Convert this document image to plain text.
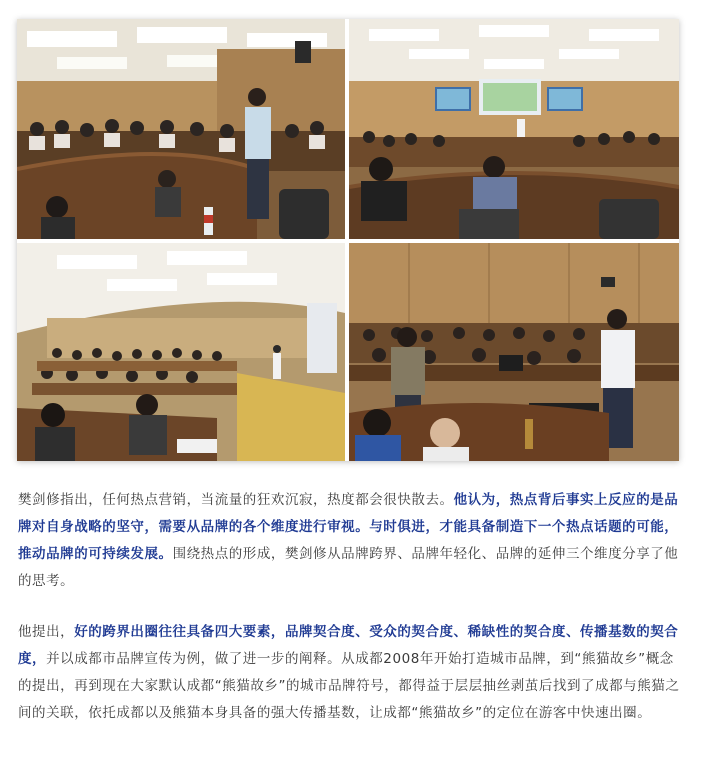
樊剑修指出，任何热点营销，当流量的狂欢沉寂，热度都会很快散去。他认为，热点背后事实上反应的是品牌对自身战略的坚守，需要从品牌的各个维度进行审视。与时俱进，才能具备制造下一个热点话题的可能，推动品牌的可持续发展。围绕热点的形成，樊剑修从品牌跨界、品牌年轻化、品牌的延伸三个维度分享了他的思考。

他提出，好的跨界出圈往往具备四大要素，品牌契合度、受众的契合度、稀缺性的契合度、传播基数的契合度，并以成都市品牌宣传为例，做了进一步的阐释。从成都2008年开始打造城市品牌，到“熊猫故乡”概念的提出，再到现在大家默认成都“熊猫故乡”的城市品牌符号，都得益于层层抽丝剥茧后找到了成都与熊猫之间的关联，依托成都以及熊猫本身具备的强大传播基数，让成都“熊猫故乡”的定位在游客中快速出圈。
